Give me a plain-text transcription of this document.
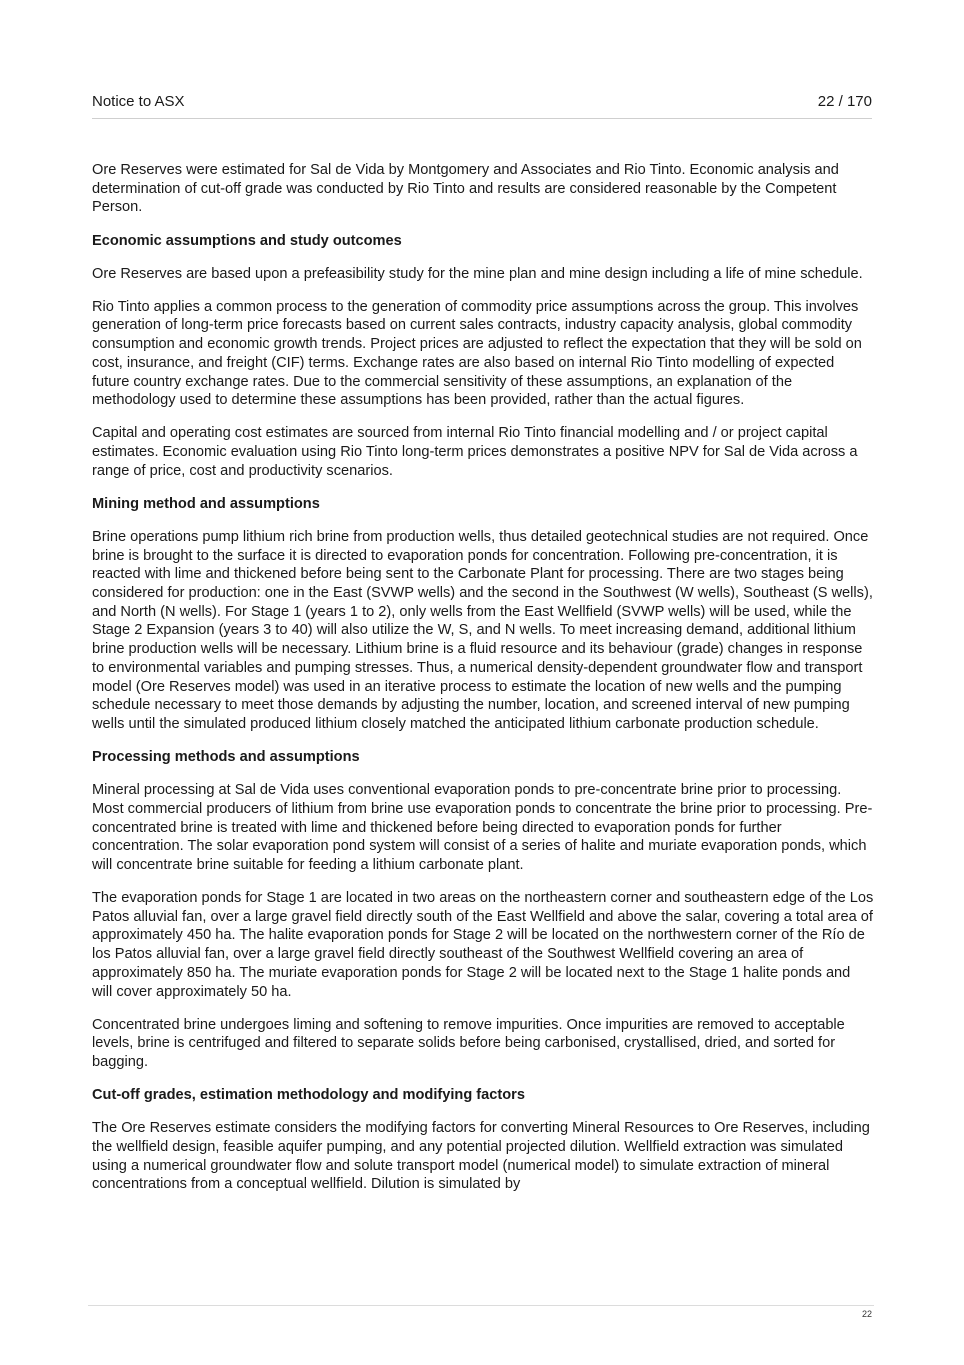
Notice to ASX	22 / 170

Ore Reserves were estimated for Sal de Vida by Montgomery and Associates and Rio Tinto. Economic analysis and determination of cut-off grade was conducted by Rio Tinto and results are considered reasonable by the Competent Person.

Economic assumptions and study outcomes

Ore Reserves are based upon a prefeasibility study for the mine plan and mine design including a life of mine schedule.

Rio Tinto applies a common process to the generation of commodity price assumptions across the group. This involves generation of long-term price forecasts based on current sales contracts, industry capacity analysis, global commodity consumption and economic growth trends. Project prices are adjusted to reflect the expectation that they will be sold on cost, insurance, and freight (CIF) terms. Exchange rates are also based on internal Rio Tinto modelling of expected future country exchange rates. Due to the commercial sensitivity of these assumptions, an explanation of the methodology used to determine these assumptions has been provided, rather than the actual figures.

Capital and operating cost estimates are sourced from internal Rio Tinto financial modelling and / or project capital estimates. Economic evaluation using Rio Tinto long-term prices demonstrates a positive NPV for Sal de Vida across a range of price, cost and productivity scenarios.

Mining method and assumptions

Brine operations pump lithium rich brine from production wells, thus detailed geotechnical studies are not required. Once brine is brought to the surface it is directed to evaporation ponds for concentration. Following pre-concentration, it is reacted with lime and thickened before being sent to the Carbonate Plant for processing. There are two stages being considered for production: one in the East (SVWP wells) and the second in the Southwest (W wells), Southeast (S wells), and North (N wells). For Stage 1 (years 1 to 2), only wells from the East Wellfield (SVWP wells) will be used, while the Stage 2 Expansion (years 3 to 40) will also utilize the W, S, and N wells. To meet increasing demand, additional lithium brine production wells will be necessary. Lithium brine is a fluid resource and its behaviour (grade) changes in response to environmental variables and pumping stresses. Thus, a numerical density-dependent groundwater flow and transport model (Ore Reserves model) was used in an iterative process to estimate the location of new wells and the pumping schedule necessary to meet those demands by adjusting the number, location, and screened interval of new pumping wells until the simulated produced lithium closely matched the anticipated lithium carbonate production schedule.

Processing methods and assumptions

Mineral processing at Sal de Vida uses conventional evaporation ponds to pre-concentrate brine prior to processing. Most commercial producers of lithium from brine use evaporation ponds to concentrate the brine prior to processing. Pre-concentrated brine is treated with lime and thickened before being directed to evaporation ponds for further concentration. The solar evaporation pond system will consist of a series of halite and muriate evaporation ponds, which will concentrate brine suitable for feeding a lithium carbonate plant.

The evaporation ponds for Stage 1 are located in two areas on the northeastern corner and southeastern edge of the Los Patos alluvial fan, over a large gravel field directly south of the East Wellfield and above the salar, covering a total area of approximately 450 ha. The halite evaporation ponds for Stage 2 will be located on the northwestern corner of the Río de los Patos alluvial fan, over a large gravel field directly southeast of the Southwest Wellfield covering an area of approximately 850 ha. The muriate evaporation ponds for Stage 2 will be located next to the Stage 1 halite ponds and will cover approximately 50 ha.

Concentrated brine undergoes liming and softening to remove impurities. Once impurities are removed to acceptable levels, brine is centrifuged and filtered to separate solids before being carbonised, crystallised, dried, and sorted for bagging.

Cut-off grades, estimation methodology and modifying factors

The Ore Reserves estimate considers the modifying factors for converting Mineral Resources to Ore Reserves, including the wellfield design, feasible aquifer pumping, and any potential projected dilution. Wellfield extraction was simulated using a numerical groundwater flow and solute transport model (numerical model) to simulate extraction of mineral concentrations from a conceptual wellfield. Dilution is simulated by

22
